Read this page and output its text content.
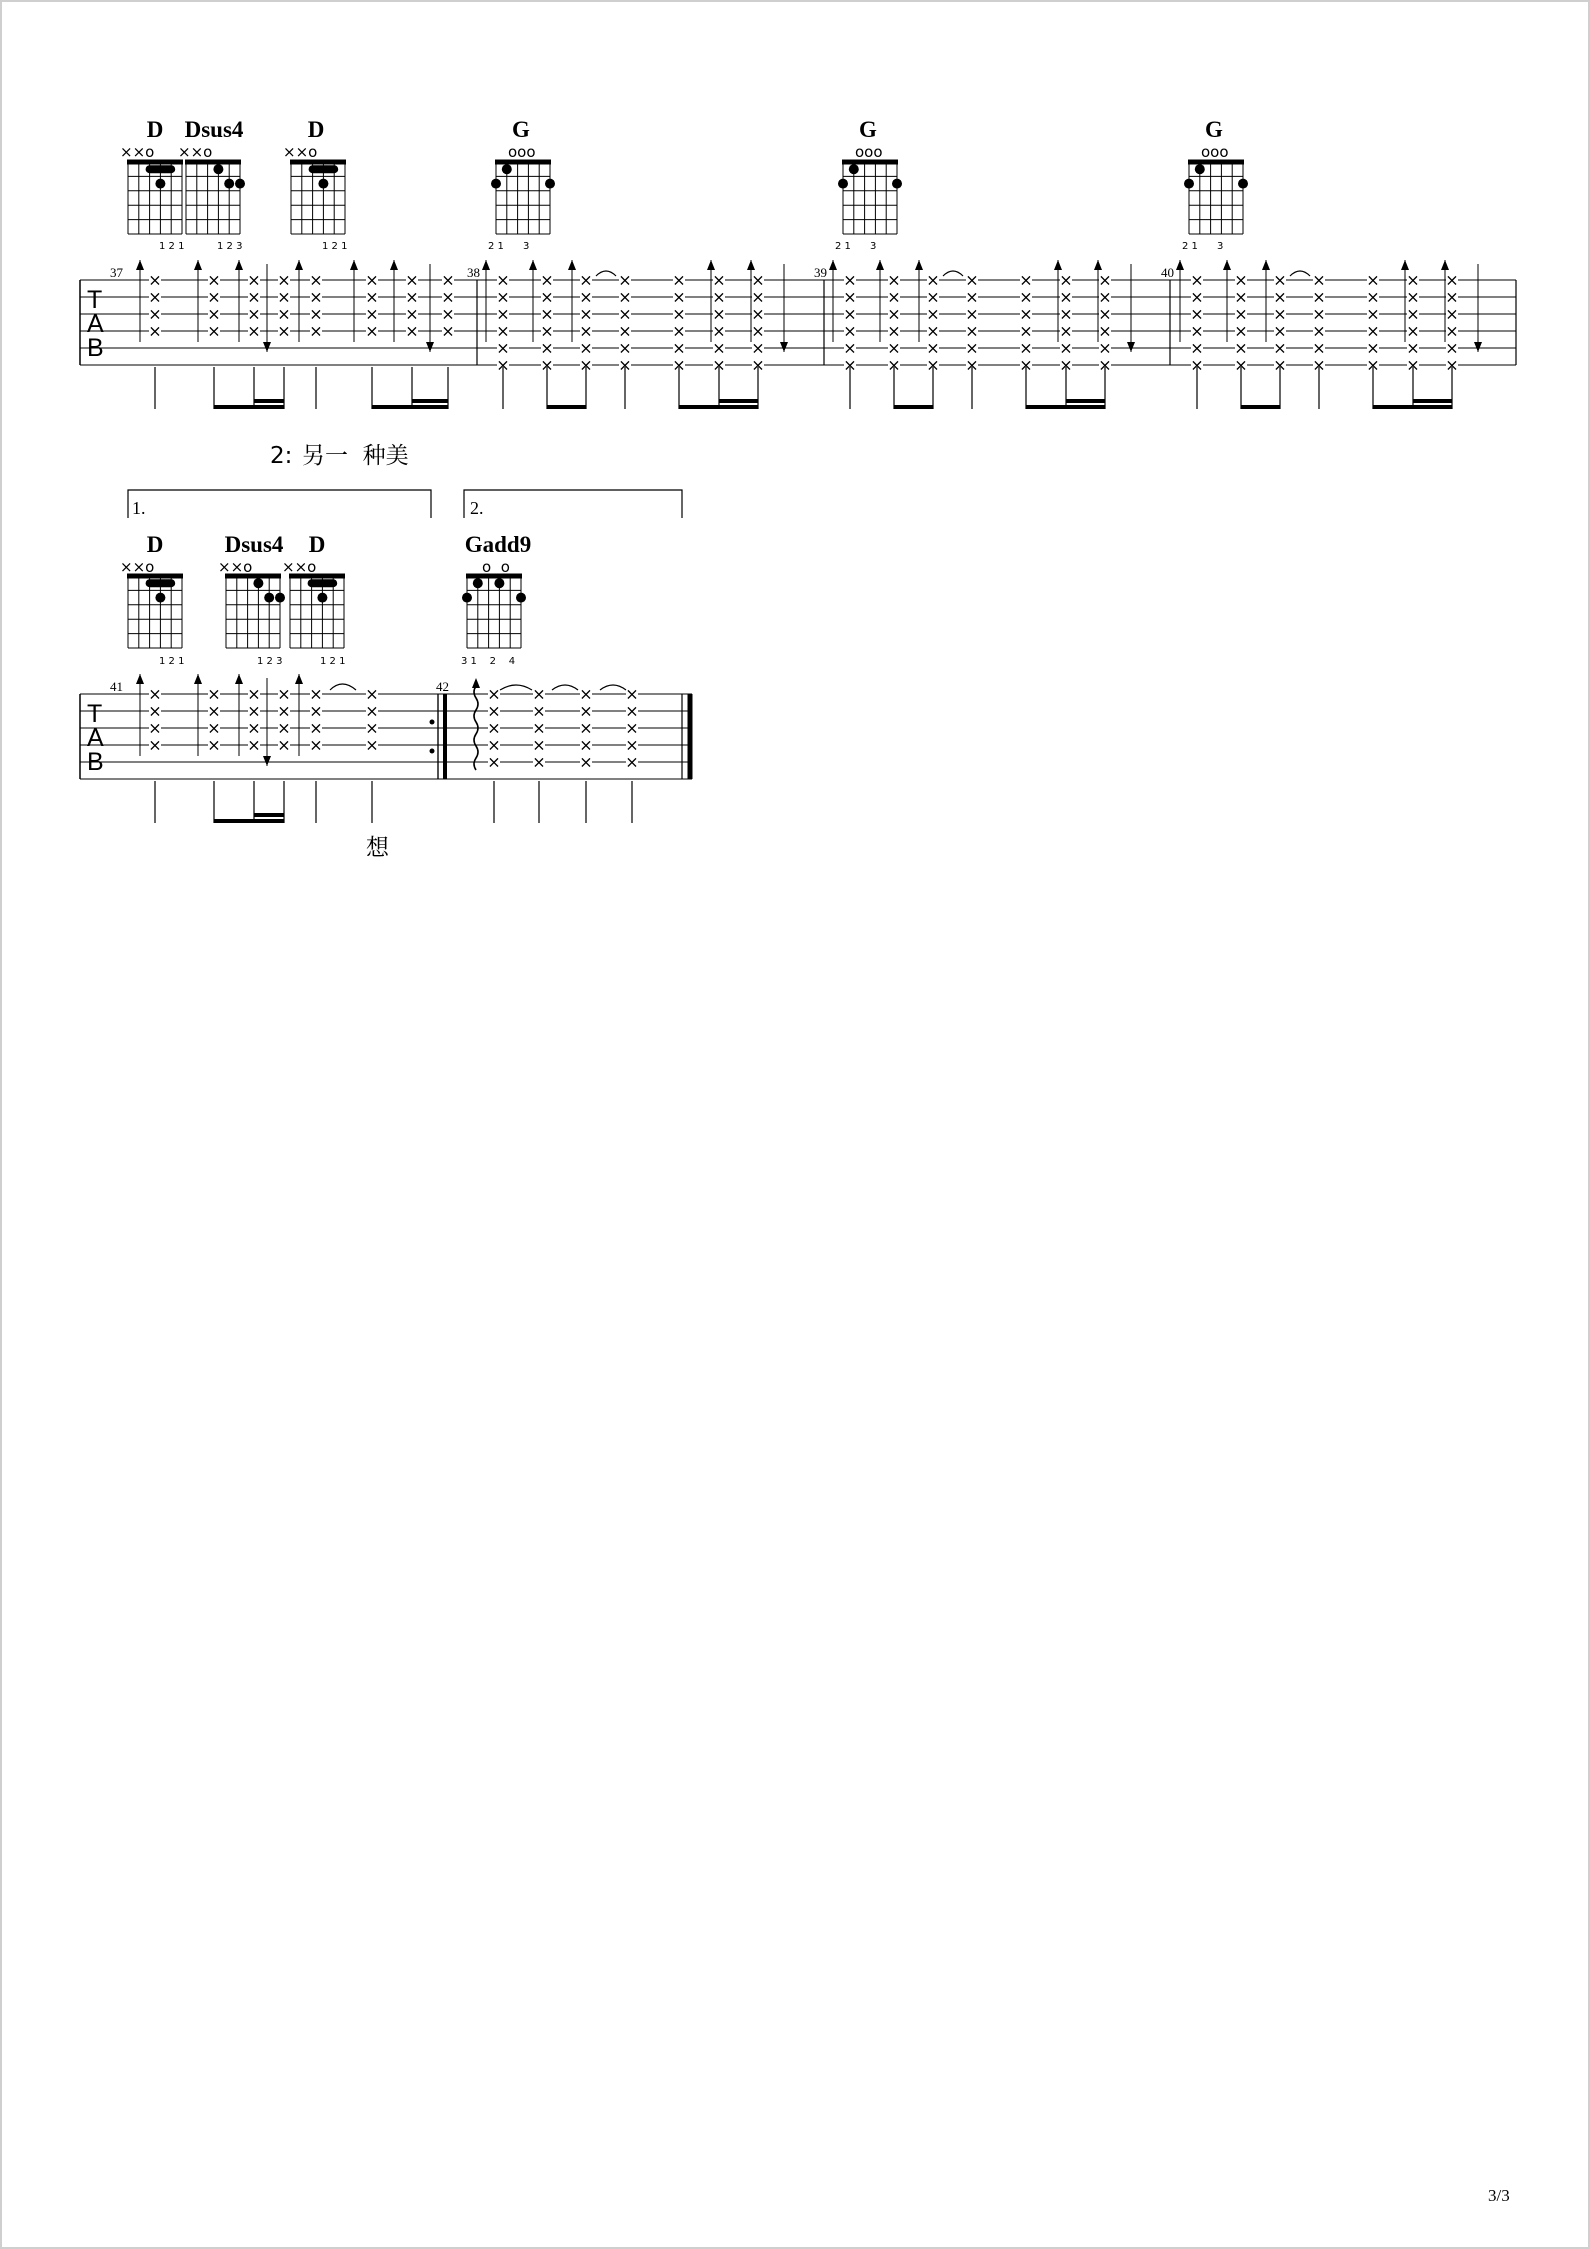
×
×
×
×
×
×
×
×
×
×
×
×
×
×
×
×
×
×
×
×
×
×
×
×
×
×
×
×
×
×
×
×
×
×
×
×
×
×
×
×
×
×
×
×
×
×
×
×
×
×
×
×
×
×
×
×
×
×
×
×
×
×
×
×
×
×
×
×
×
×
×
×
×
×
×
×
×
×
×
×
×
×
×
×
×
×
×
×
×
×
×
×
×
×
×
×
×
×
×
×
×
×
×
×
×
×
×
×
×
×
×
×
×
×
×
×
×
×
×
×
×
×
×
×
×
×
×
×
×
×
×
×
×
×
×
×
×
×
×
×
×
×
×
×
×
×
×
×
×
×
×
×
×
×
×
×
×
×
×
×
×
×
×
×
×
×
×
×
×
×
×
×
×
×
×
×
×
×
×
×
×
×
×
×
×
×
×
×
×
×
×
×
×
×
×
×
×
×
×
×
×
×
D Dsus4	D	G	G	G
××o ××o	××o	ooo	ooo	ooo
1 2 1	1 2 3	1 2 1	2 1      3	2 1      3	2 1      3
37	38	39	40
T
A
B
2: 另一  种美
1.	2.
D	Dsus4 D	Gadd9
××o	××o ××o	o  o
1 2 1	1 2 3	1 2 1	3 1    2    4
41	42
T
A
B
想
3/3
